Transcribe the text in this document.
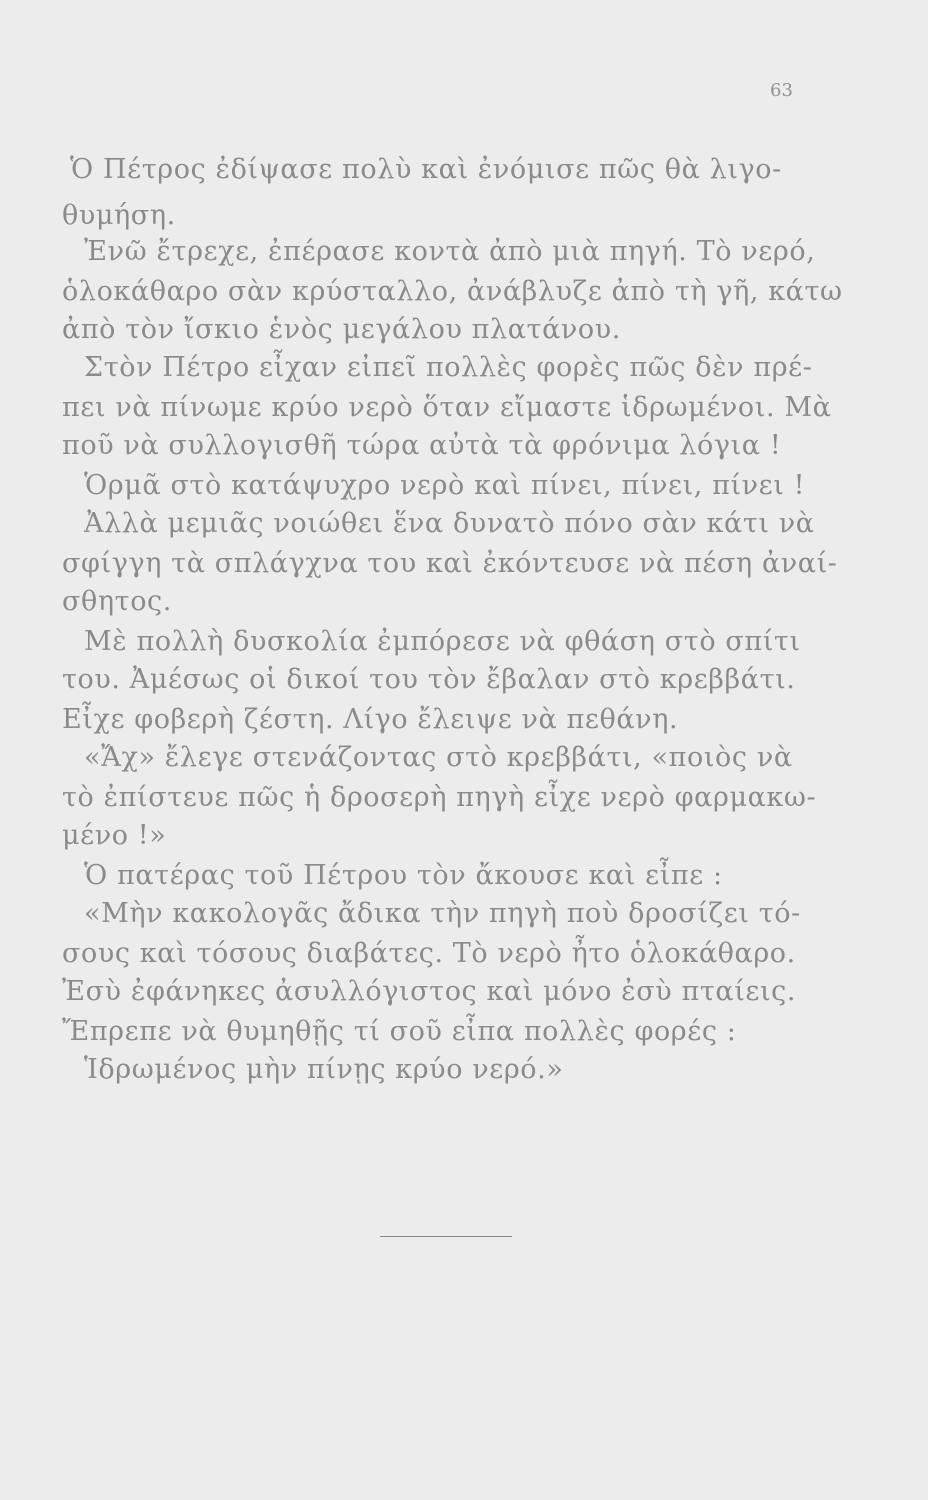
63
Ὁ Πέτρος ἐδίψασε πολὺ καὶ ἐνόμισε πῶς θὰ λιγο-
θυμήση.
Ἐνῶ ἔτρεχε, ἐπέρασε κοντὰ ἀπὸ μιὰ πηγή. Τὸ νερό,
ὁλοκάθαρο σὰν κρύσταλλο, ἀνάβλυζε ἀπὸ τὴ γῆ, κάτω
ἀπὸ τὸν ἴσκιο ἑνὸς μεγάλου πλατάνου.
Στὸν Πέτρο εἶχαν εἰπεῖ πολλὲς φορὲς πῶς δὲν πρέ-
πει νὰ πίνωμε κρύο νερὸ ὅταν εἴμαστε ἱδρωμένοι. Μὰ
ποῦ νὰ συλλογισθῆ τώρα αὐτὰ τὰ φρόνιμα λόγια !
Ὁρμᾶ στὸ κατάψυχρο νερὸ καὶ πίνει, πίνει, πίνει !
Ἀλλὰ μεμιᾶς νοιώθει ἕνα δυνατὸ πόνο σὰν κάτι νὰ
σφίγγη τὰ σπλάγχνα του καὶ ἐκόντευσε νὰ πέση ἀναί-
σθητος.
Μὲ πολλὴ δυσκολία ἐμπόρεσε νὰ φθάση στὸ σπίτι
του. Ἀμέσως οἱ δικοί του τὸν ἔβαλαν στὸ κρεββάτι.
Εἶχε φοβερὴ ζέστη. Λίγο ἔλειψε νὰ πεθάνη.
«Ἄχ» ἔλεγε στενάζοντας στὸ κρεββάτι, «ποιὸς νὰ
τὸ ἐπίστευε πῶς ἡ δροσερὴ πηγὴ εἶχε νερὸ φαρμακω-
μένο !»
Ὁ πατέρας τοῦ Πέτρου τὸν ἄκουσε καὶ εἶπε :
«Μὴν κακολογᾶς ἄδικα τὴν πηγὴ ποὺ δροσίζει τό-
σους καὶ τόσους διαβάτες. Τὸ νερὸ ἦτο ὁλοκάθαρο.
Ἐσὺ ἐφάνηκες ἀσυλλόγιστος καὶ μόνο ἐσὺ πταίεις.
Ἔπρεπε νὰ θυμηθῇς τί σοῦ εἶπα πολλὲς φορές :
Ἱδρωμένος μὴν πίνῃς κρύο νερό.»
